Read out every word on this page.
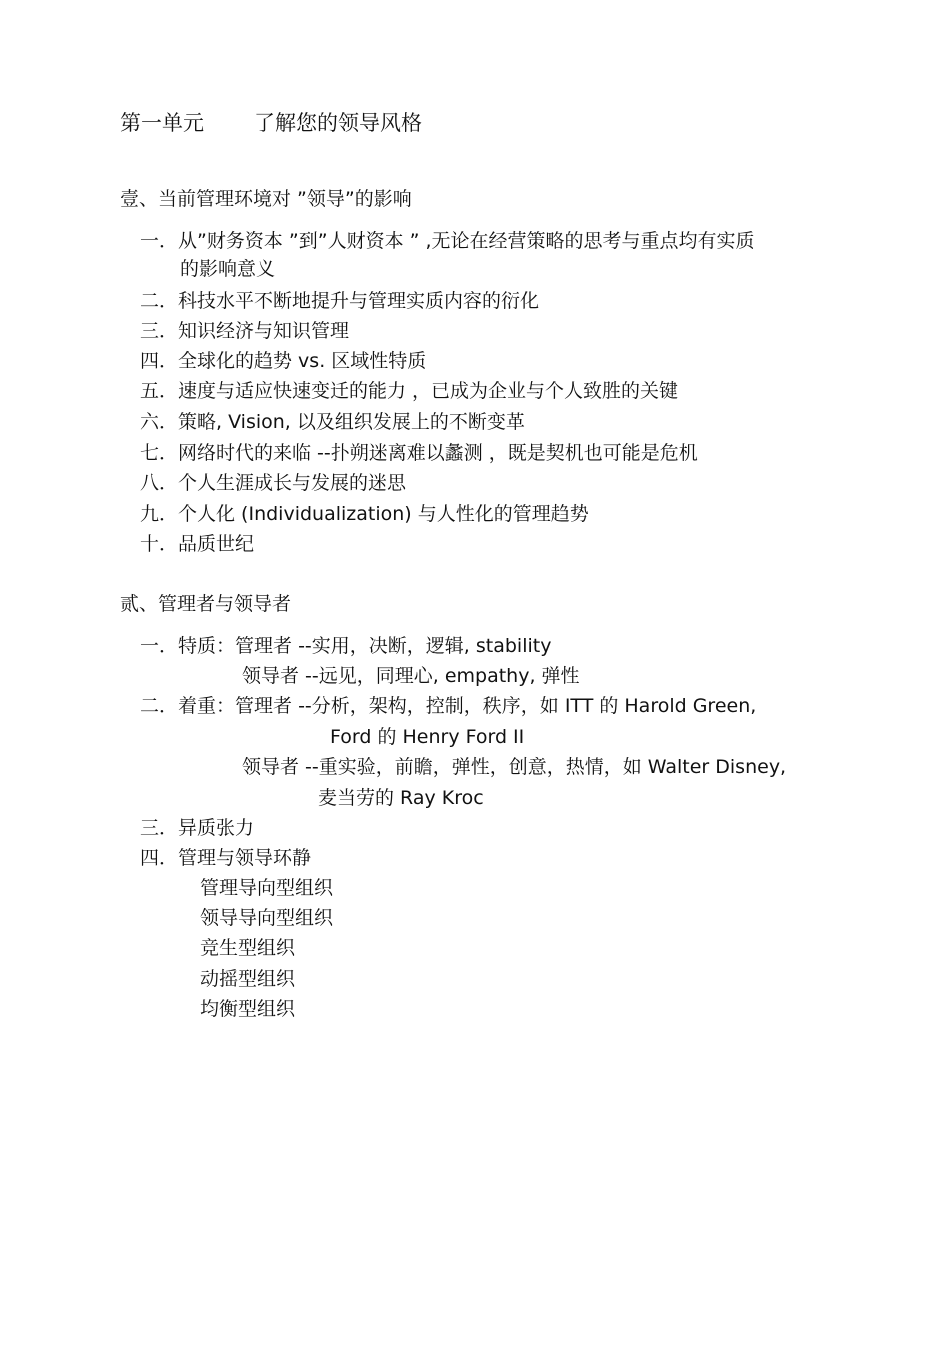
第一单元 了解您的领导风格
壹、当前管理环境对 ”领导”的影响
一．从”财务资本 ”到”人财资本 ” ,无论在经营策略的思考与重点均有实质
的影响意义
二．科技水平不断地提升与管理实质内容的衍化
三．知识经济与知识管理
四．全球化的趋势 vs. 区域性特质
五．速度与适应快速变迁的能力 ，已成为企业与个人致胜的关键
六．策略, Vision, 以及组织发展上的不断变革
七．网络时代的来临 --扑朔迷离难以蠡测 ，既是契机也可能是危机
八．个人生涯成长与发展的迷思
九．个人化 (Individualization) 与人性化的管理趋势
十．品质世纪
贰、管理者与领导者
一．特质：管理者 --实用，决断，逻辑, stability
领导者 --远见，同理心, empathy, 弹性
二．着重：管理者 --分析，架构，控制，秩序，如 ITT 的 Harold Green,
Ford 的 Henry Ford II
领导者 --重实验，前瞻，弹性，创意，热情，如 Walter Disney,
麦当劳的 Ray Kroc
三．异质张力
四．管理与领导环静
管理导向型组织
领导导向型组织
竞生型组织
动摇型组织
均衡型组织
